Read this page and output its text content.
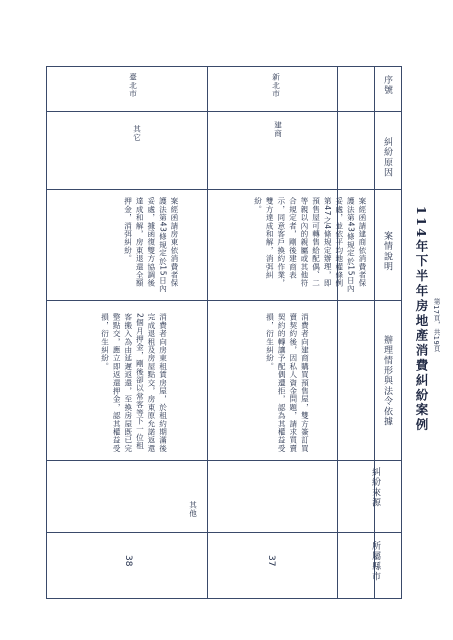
114年下半年房地產消費糾紛案例
序號
糾紛原因
案情說明
辦理情形與法令依據
糾紛來源
所屬縣市
37
其他
消費者向建商購買預售屋，雙方簽訂買賣契約後，因私人資金問題，請求買賣契約的轉讓予配偶遭拒，認為其權益受損，衍生糾紛。
案經函請建商依消費者保護法第43條規定於15日內妥處，並依平均地權條例第47之4條規定辦理，即預售屋可轉售給配偶、二等親以內的親屬或其他符合規定者，剛後建商表示，同意客戶換約作業，雙方達成和解，消弭糾紛。
建商
新北市
38
消費者向房東租賃房屋，於租約期滿後完成退租及房屋點交，房東原允諾返還2個月押金，剛後卻以常客等下一位租客搬入為由延遲返還，至換房屋既已完整點交，應立即返還押金，認其權益受損，衍生糾紛。
案經函請房東依消費者保護法第43條規定於15日內妥處，據函復雙方協調後達成和解，房東退還全額押金，消弭糾紛。
其它
臺北市
第17頁，共19頁
